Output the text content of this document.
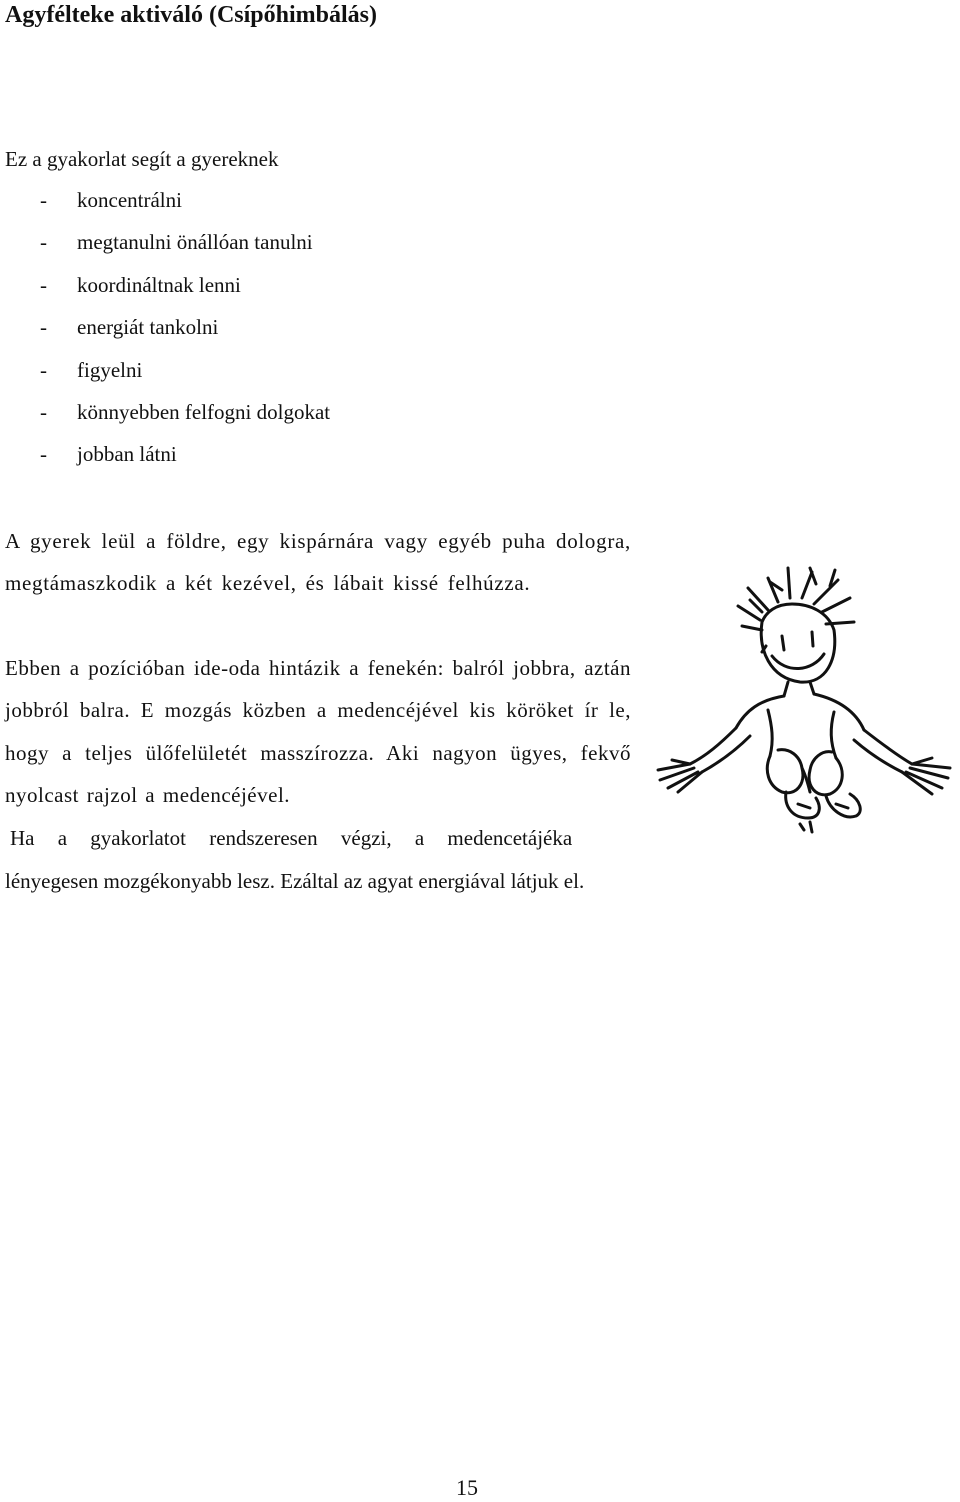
Agyféltеke aktiváló (Csípőhimbálás)

Ez a gyakorlat segít a gyereknek

- koncentrálni
- megtanulni önállóan tanulni
- koordináltnak lenni
- energiát tankolni
- figyelni
- könnyebben felfogni dolgokat
- jobban látni

A gyerek leül a földre, egy kispárnára vagy egyéb puha dologra, megtámaszkodik a két kezével, és lábait kissé felhúzza.

Ebben a pozícióban ide-oda hintázik a fenekén: balról jobbra, aztán jobbról balra. E mozgás közben a medencéjével kis köröket ír le, hogy a teljes ülőfelületét masszírozza. Aki nagyon ügyes, fekvő nyolcast rajzol a medencéjével.

Ha a gyakorlatot rendszeresen végzi, a medencetájéka

lényegesen mozgékonyabb lesz. Ezáltal az agyat energiával látjuk el.

15
